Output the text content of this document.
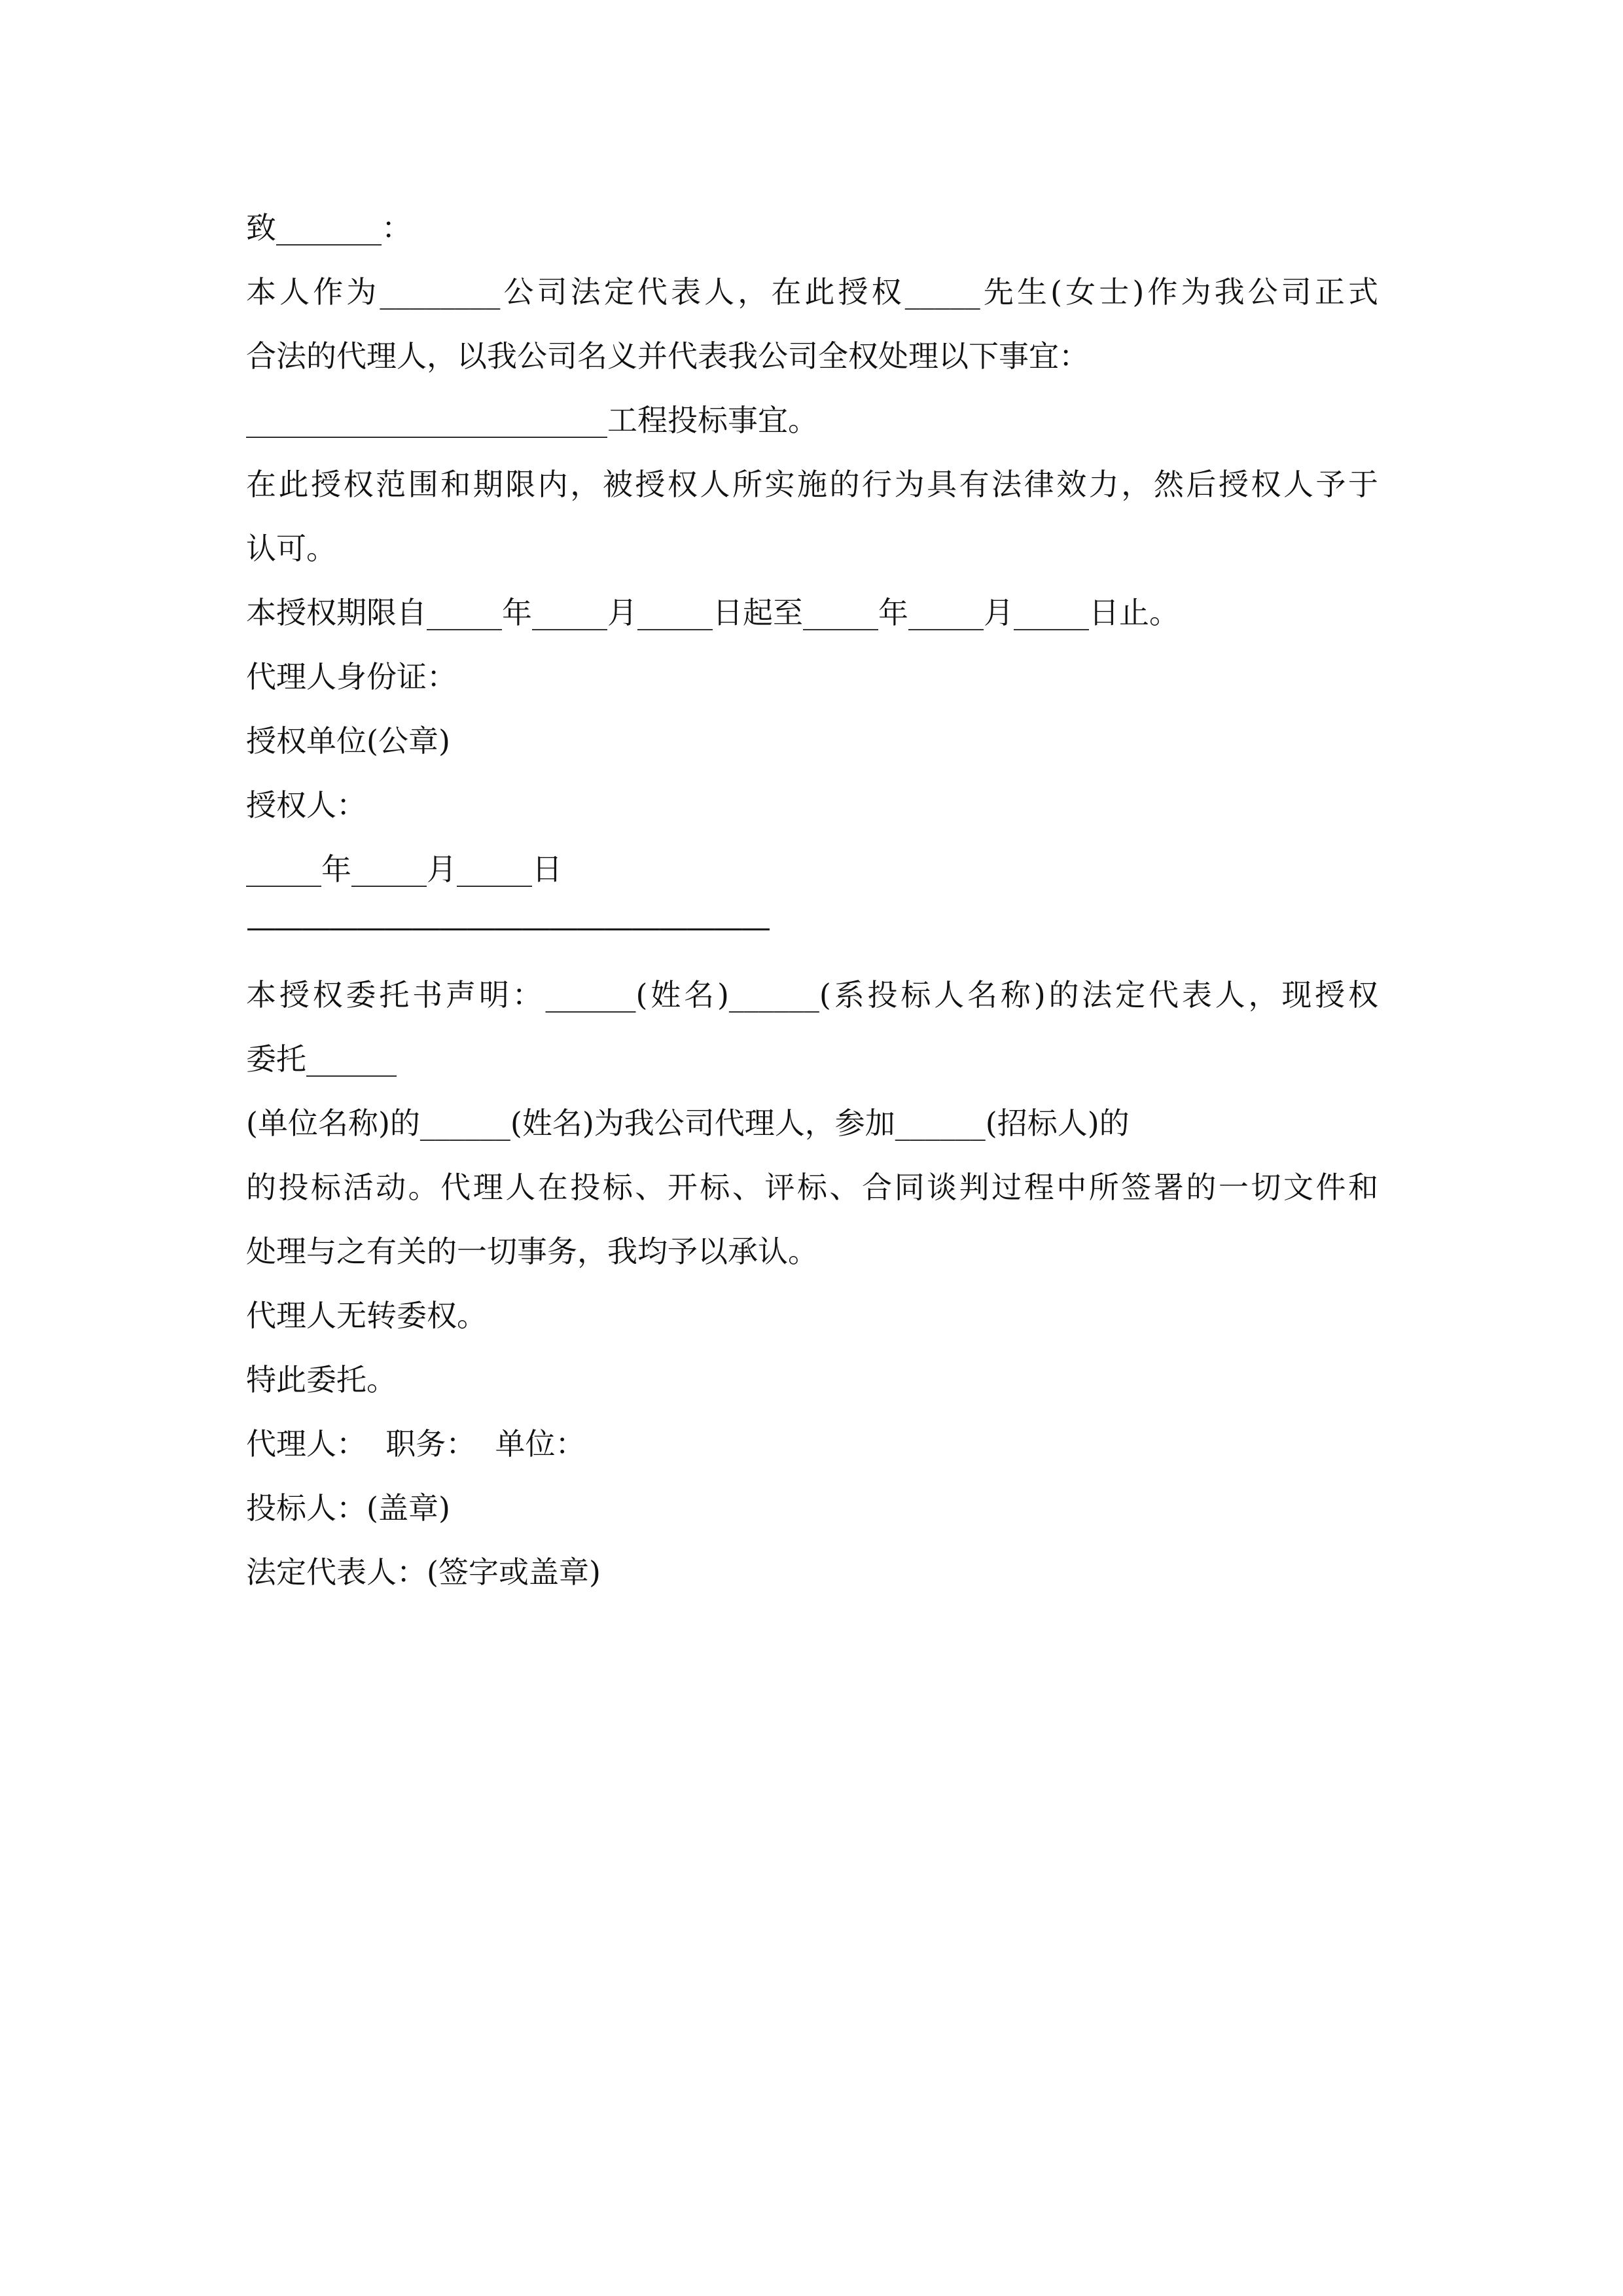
致_______：
本人作为________公司法定代表人，在此授权_____先生(女士)作为我公司正式
合法的代理人，以我公司名义并代表我公司全权处理以下事宜：
________________________工程投标事宜。
在此授权范围和期限内，被授权人所实施的行为具有法律效力，然后授权人予于
认可。
本授权期限自_____年_____月_____日起至_____年_____月_____日止。
代理人身份证：
授权单位(公章)
授权人：
_____年_____月_____日
———————————————————
本授权委托书声明：______(姓名)______(系投标人名称)的法定代表人，现授权
委托______
(单位名称)的______(姓名)为我公司代理人，参加______(招标人)的
的投标活动。代理人在投标、开标、评标、合同谈判过程中所签署的一切文件和
处理与之有关的一切事务，我均予以承认。
代理人无转委权。
特此委托。
代理人：  职务：  单位：
投标人：(盖章)
法定代表人：(签字或盖章)
